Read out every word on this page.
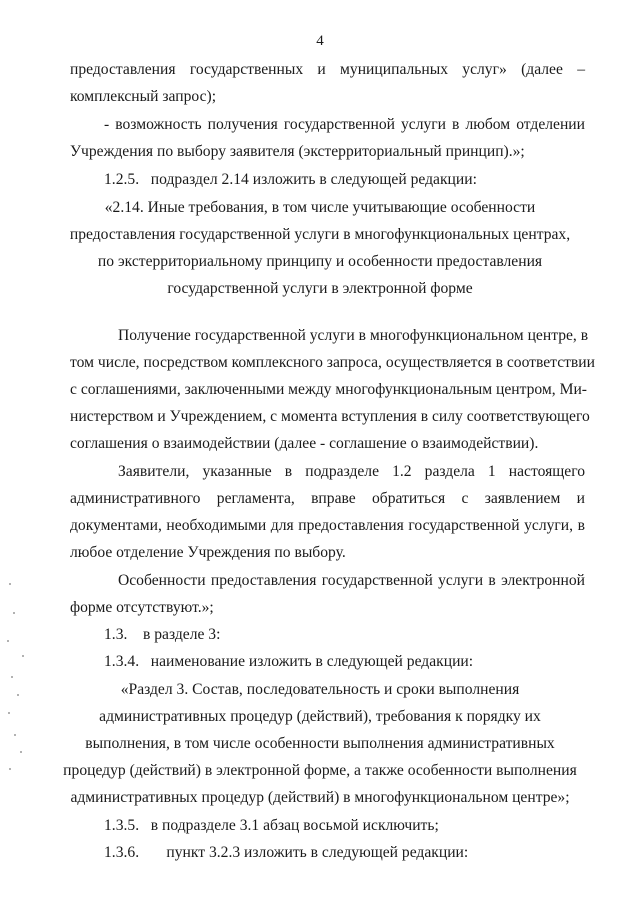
4
предоставления государственных и муниципальных услуг» (далее –
комплексный запрос);
- возможность получения государственной услуги в любом отделении
Учреждения по выбору заявителя (экстерриториальный принцип).»;
1.2.5.   подраздел 2.14 изложить в следующей редакции:
«2.14. Иные требования, в том числе учитывающие особенности
предоставления государственной услуги в многофункциональных центрах,
по экстерриториальному принципу и особенности предоставления
государственной услуги в электронной форме
Получение государственной услуги в многофункциональном центре, в
том числе, посредством комплексного запроса, осуществляется в соответствии
с соглашениями, заключенными между многофункциональным центром, Ми-
нистерством и Учреждением, с момента вступления в силу соответствующего
соглашения о взаимодействии (далее - соглашение о взаимодействии).
Заявители, указанные в подразделе 1.2 раздела 1 настоящего
административного регламента, вправе обратиться с заявлением и
документами, необходимыми для предоставления государственной услуги, в
любое отделение Учреждения по выбору.
Особенности предоставления государственной услуги в электронной
форме отсутствуют.»;
1.3.    в разделе 3:
1.3.4.   наименование изложить в следующей редакции:
«Раздел 3. Состав, последовательность и сроки выполнения
административных процедур (действий), требования к порядку их
выполнения, в том числе особенности выполнения административных
процедур (действий) в электронной форме, а также особенности выполнения
административных процедур (действий) в многофункциональном центре»;
1.3.5.   в подразделе 3.1 абзац восьмой исключить;
1.3.6.       пункт 3.2.3 изложить в следующей редакции:
